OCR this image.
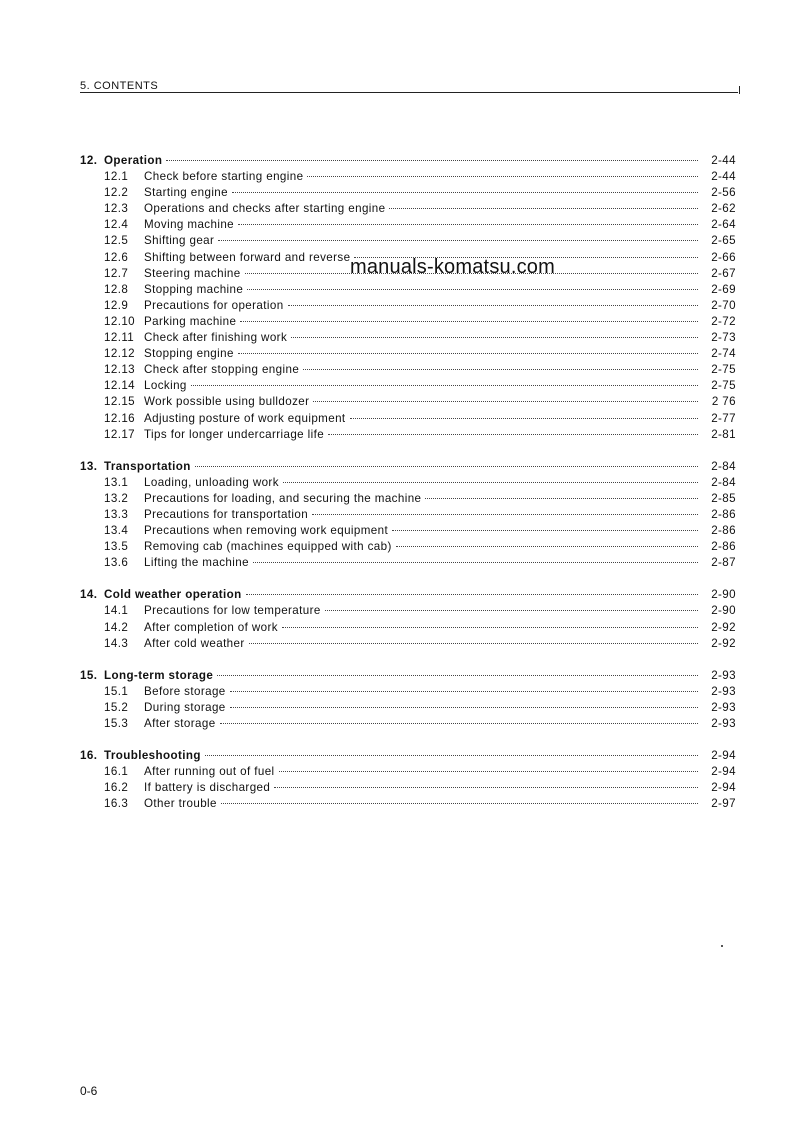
5. CONTENTS
12. Operation	2-44
12.1	Check before starting engine	2-44
12.2	Starting engine	2-56
12.3	Operations and checks after starting engine	2-62
12.4	Moving machine	2-64
12.5	Shifting gear	2-65
12.6	Shifting between forward and reverse	2-66
12.7	Steering machine	2-67
12.8	Stopping machine	2-69
12.9	Precautions for operation	2-70
12.10 Parking machine	2-72
12.11 Check after finishing work	2-73
12.12 Stopping engine	2-74
12.13 Check after stopping engine	2-75
12.14 Locking	2-75
12.15 Work possible using bulldozer	2 76
12.16 Adjusting posture of work equipment	2-77
12.17 Tips for longer undercarriage life	2-81
13. Transportation	2-84
13.1	Loading, unloading work	2-84
13.2	Precautions for loading, and securing the machine	2-85
13.3	Precautions for transportation	2-86
13.4	Precautions when removing work equipment	2-86
13.5	Removing cab (machines equipped with cab)	2-86
13.6	Lifting the machine	2-87
14. Cold weather operation	2-90
14.1	Precautions for low temperature	2-90
14.2	After completion of work	2-92
14.3	After cold weather	2-92
15. Long-term storage	2-93
15.1	Before storage	2-93
15.2	During storage	2-93
15.3	After storage	2-93
16. Troubleshooting	2-94
16.1	After running out of fuel	2-94
16.2	If battery is discharged	2-94
16.3	Other trouble	2-97
manuals-komatsu.com
0-6
